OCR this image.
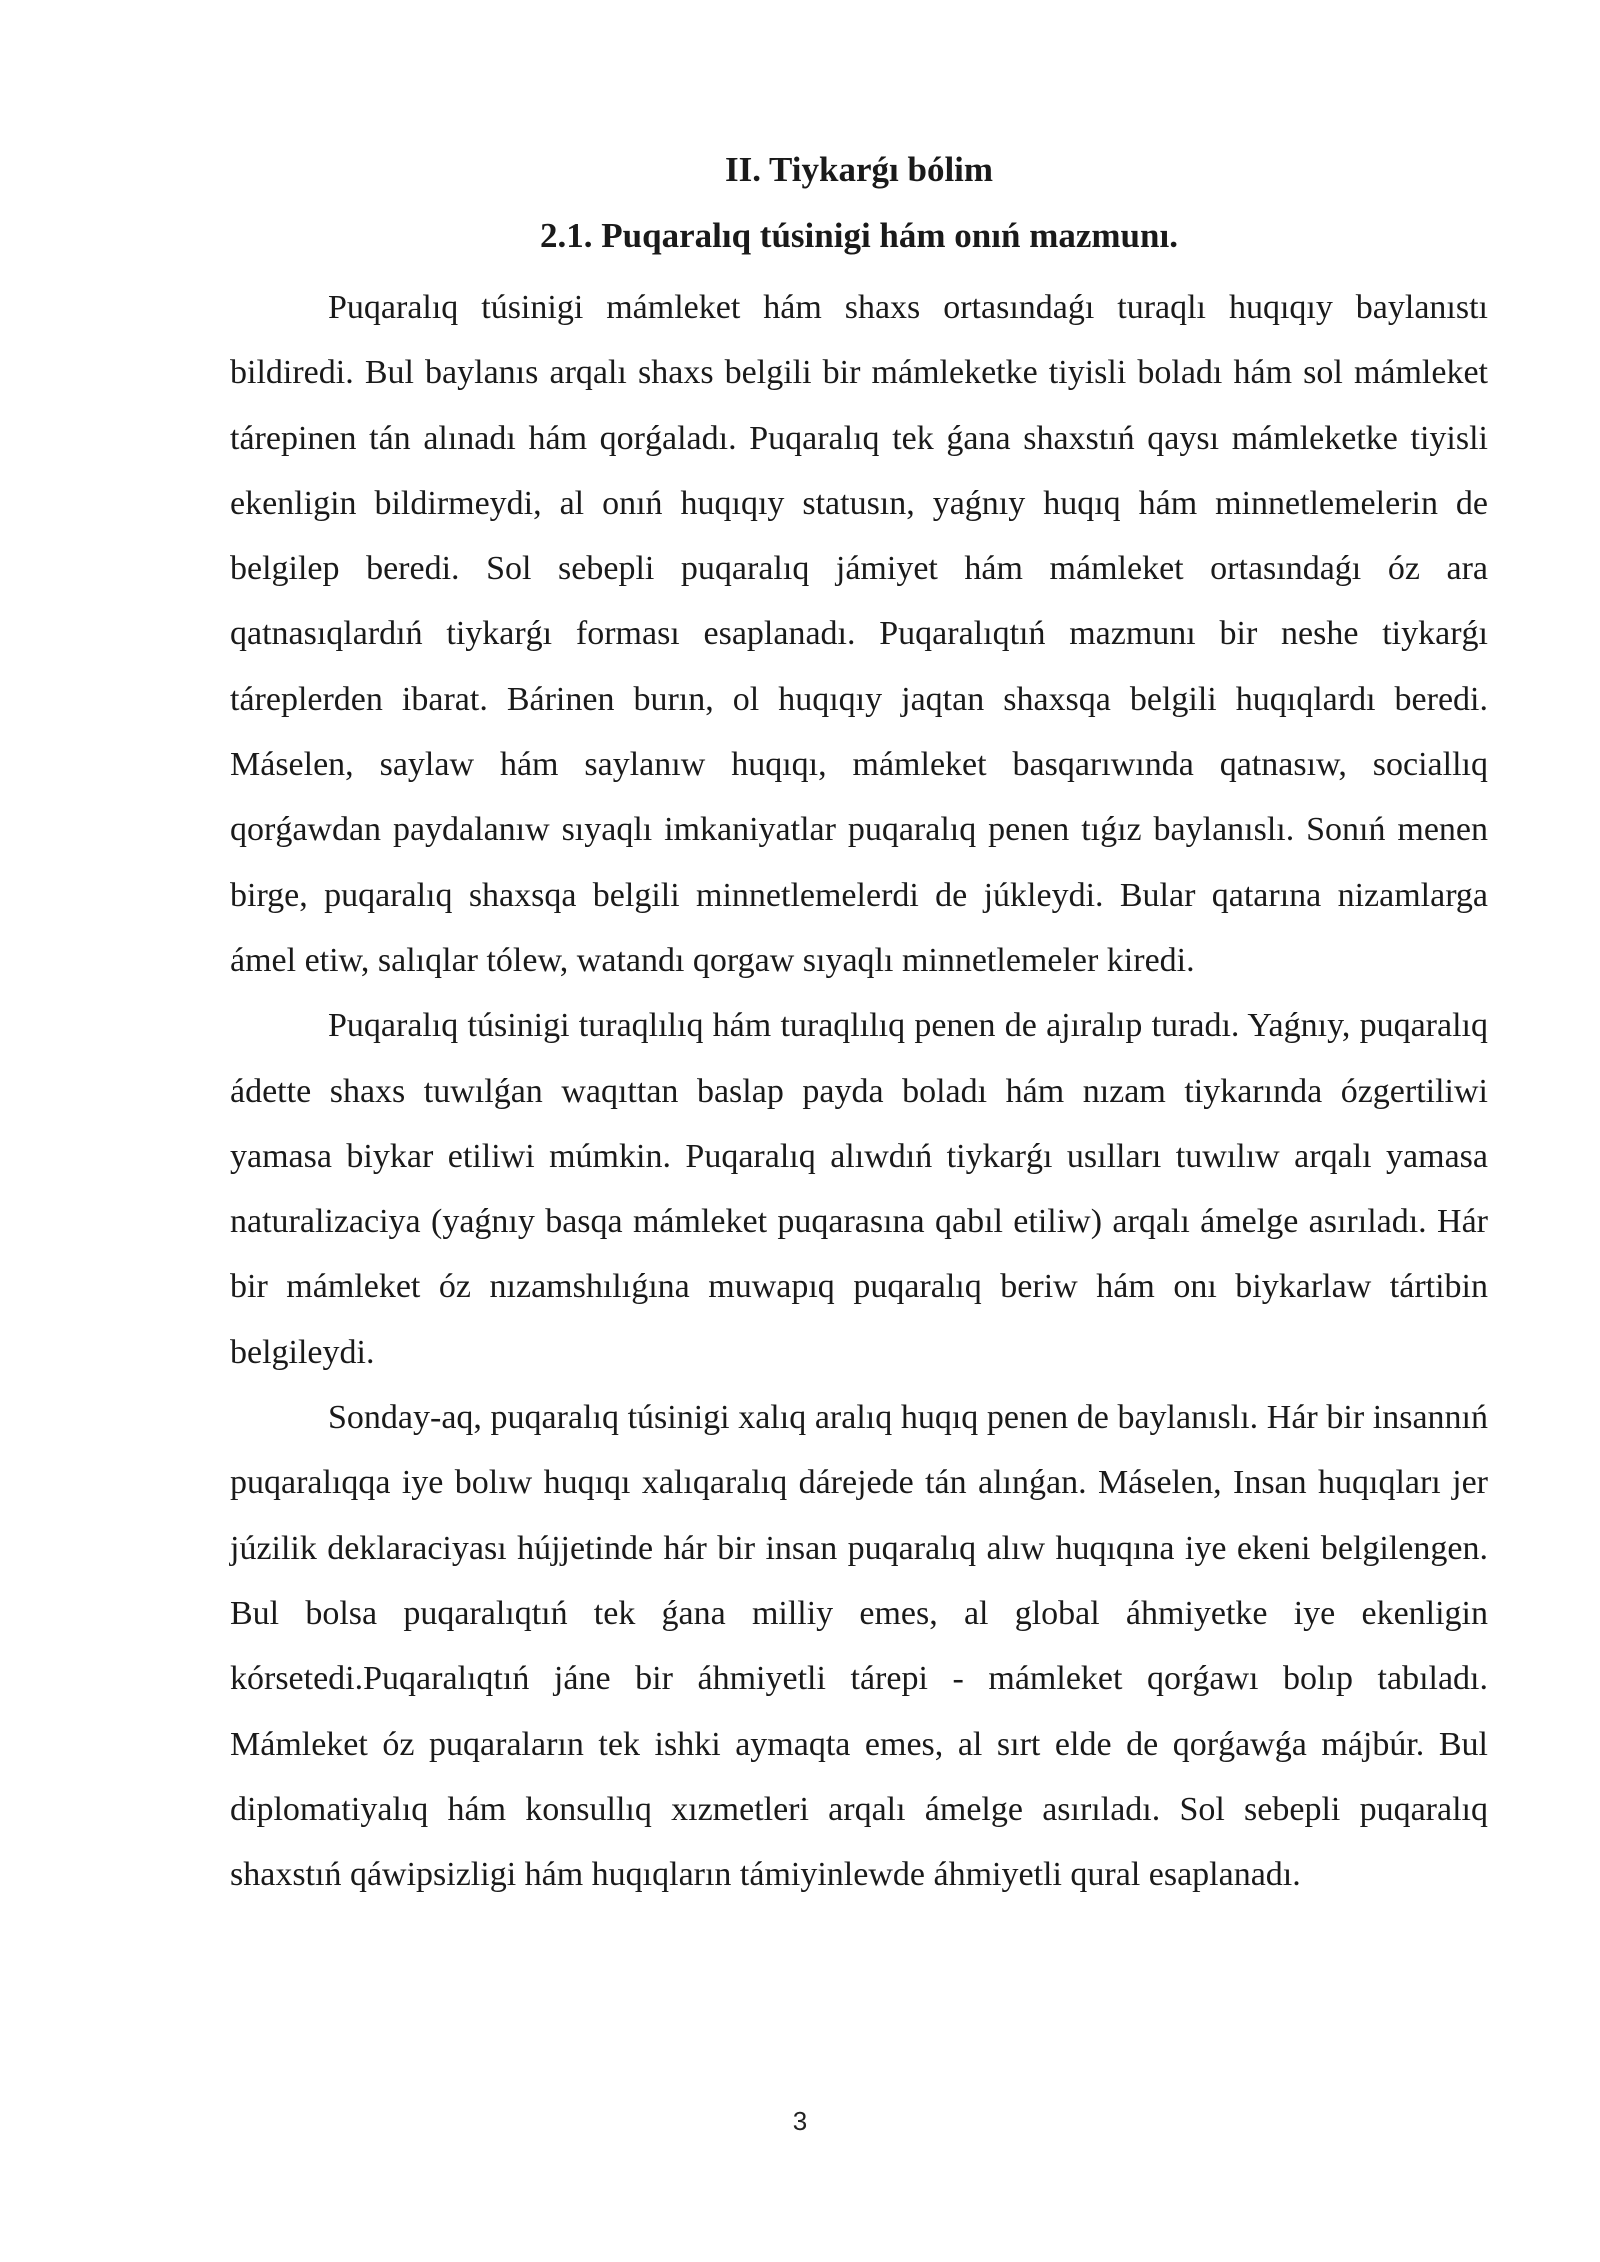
II. Tiykarǵı bólim
2.1. Puqaralıq túsinigi hám onıń mazmunı.

Puqaralıq túsinigi mámleket hám shaxs ortasındaǵı turaqlı huqıqıy baylanıstı bildiredi. Bul baylanıs arqalı shaxs belgili bir mámleketke tiyisli boladı hám sol mámleket tárepinen tán alınadı hám qorǵaladı. Puqaralıq tek ǵana shaxstıń qaysı mámleketke tiyisli ekenligin bildirmeydi, al onıń huqıqıy statusın, yaǵnıy huqıq hám minnetlemelerin de belgilep beredi. Sol sebepli puqaralıq jámiyet hám mámleket ortasındaǵı óz ara qatnasıqlardıń tiykarǵı forması esaplanadı. Puqaralıqtıń mazmunı bir neshe tiykarǵı táreplerden ibarat. Bárinen burın, ol huqıqıy jaqtan shaxsqa belgili huqıqlardı beredi. Máselen, saylaw hám saylanıw huqıqı, mámleket basqarıwında qatnasıw, sociallıq qorǵawdan paydalanıw sıyaqlı imkaniyatlar puqaralıq penen tıǵız baylanıslı. Sonıń menen birge, puqaralıq shaxsqa belgili minnetlemelerdi de júkleydi. Bular qatarına nizamlarga ámel etiw, salıqlar tólew, watandı qorgaw sıyaqlı minnetlemeler kiredi.

Puqaralıq túsinigi turaqlılıq hám turaqlılıq penen de ajıralıp turadı. Yaǵnıy, puqaralıq ádette shaxs tuwılǵan waqıttan baslap payda boladı hám nızam tiykarında ózgertiliwi yamasa biykar etiliwi múmkin. Puqaralıq alıwdıń tiykarǵı usılları tuwılıw arqalı yamasa naturalizaciya (yaǵnıy basqa mámleket puqarasına qabıl etiliw) arqalı ámelge asırıladı. Hár bir mámleket óz nızamshılıǵına muwapıq puqaralıq beriw hám onı biykarlaw tártibin belgileydi.

Sonday-aq, puqaralıq túsinigi xalıq aralıq huqıq penen de baylanıslı. Hár bir insannıń puqaralıqqa iye bolıw huqıqı xalıqaralıq dárejede tán alınǵan. Máselen, Insan huqıqları jer júzilik deklaraciyası hújjetinde hár bir insan puqaralıq alıw huqıqına iye ekeni belgilengen. Bul bolsa puqaralıqtıń tek ǵana milliy emes, al global áhmiyetke iye ekenligin kórsetedi.Puqaralıqtıń jáne bir áhmiyetli tárepi - mámleket qorǵawı bolıp tabıladı. Mámleket óz puqaraların tek ishki aymaqta emes, al sırt elde de qorǵawǵa májbúr. Bul diplomatiyalıq hám konsullıq xızmetleri arqalı ámelge asırıladı. Sol sebepli puqaralıq shaxstıń qáwipsizligi hám huqıqların támiyinlewde áhmiyetli qural esaplanadı.

3
